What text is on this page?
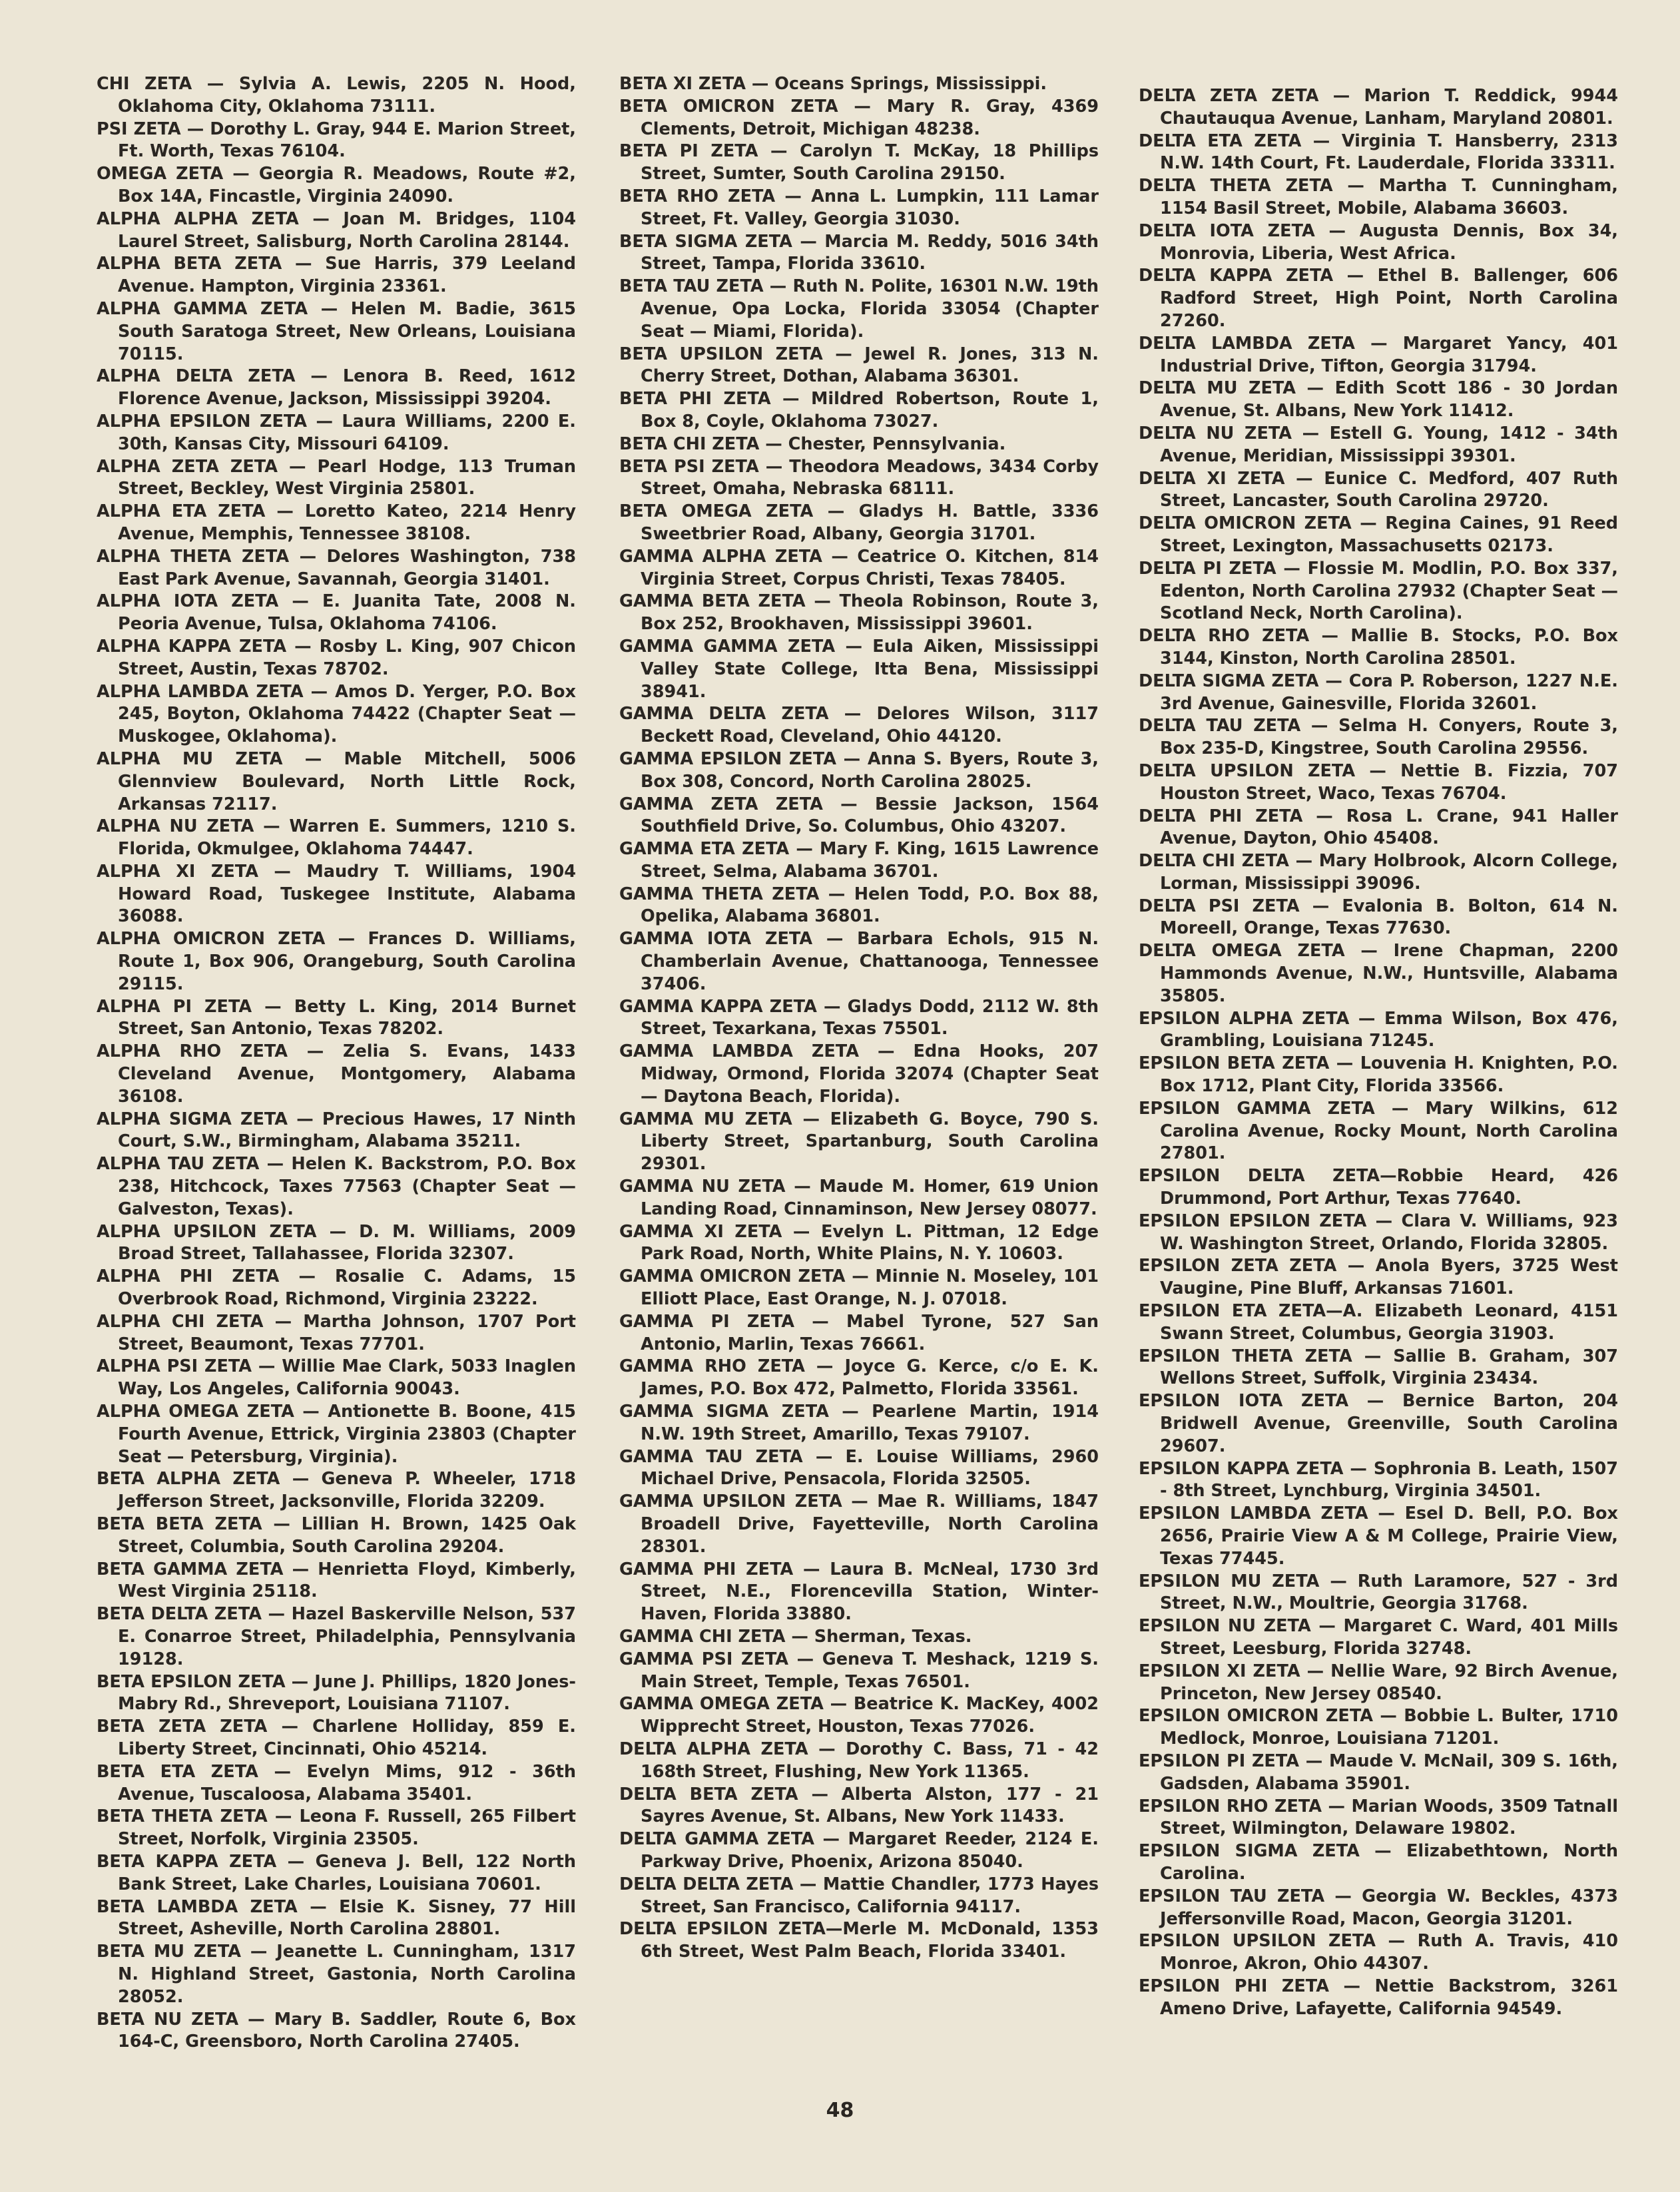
CHI ZETA — Sylvia A. Lewis, 2205 N. Hood, Oklahoma City, Oklahoma 73111.

PSI ZETA — Dorothy L. Gray, 944 E. Marion Street, Ft. Worth, Texas 76104.

OMEGA ZETA — Georgia R. Meadows, Route #2, Box 14A, Fincastle, Virginia 24090.

ALPHA ALPHA ZETA — Joan M. Bridges, 1104 Laurel Street, Salisburg, North Carolina 28144.

ALPHA BETA ZETA — Sue Harris, 379 Leeland Avenue. Hampton, Virginia 23361.

ALPHA GAMMA ZETA — Helen M. Badie, 3615 South Saratoga Street, New Orleans, Louisiana 70115.

ALPHA DELTA ZETA — Lenora B. Reed, 1612 Florence Avenue, Jackson, Mississippi 39204.

ALPHA EPSILON ZETA — Laura Williams, 2200 E. 30th, Kansas City, Missouri 64109.

ALPHA ZETA ZETA — Pearl Hodge, 113 Truman Street, Beckley, West Virginia 25801.

ALPHA ETA ZETA — Loretto Kateo, 2214 Henry Avenue, Memphis, Tennessee 38108.

ALPHA THETA ZETA — Delores Washington, 738 East Park Avenue, Savannah, Georgia 31401.

ALPHA IOTA ZETA — E. Juanita Tate, 2008 N. Peoria Avenue, Tulsa, Oklahoma 74106.

ALPHA KAPPA ZETA — Rosby L. King, 907 Chicon Street, Austin, Texas 78702.

ALPHA LAMBDA ZETA — Amos D. Yerger, P.O. Box 245, Boyton, Oklahoma 74422 (Chapter Seat — Muskogee, Oklahoma).

ALPHA MU ZETA — Mable Mitchell, 5006 Glennview Boulevard, North Little Rock, Arkansas 72117.

ALPHA NU ZETA — Warren E. Summers, 1210 S. Florida, Okmulgee, Oklahoma 74447.

ALPHA XI ZETA — Maudry T. Williams, 1904 Howard Road, Tuskegee Institute, Alabama 36088.

ALPHA OMICRON ZETA — Frances D. Williams, Route 1, Box 906, Orangeburg, South Carolina 29115.

ALPHA PI ZETA — Betty L. King, 2014 Burnet Street, San Antonio, Texas 78202.

ALPHA RHO ZETA — Zelia S. Evans, 1433 Cleveland Avenue, Montgomery, Alabama 36108.

ALPHA SIGMA ZETA — Precious Hawes, 17 Ninth Court, S.W., Birmingham, Alabama 35211.

ALPHA TAU ZETA — Helen K. Backstrom, P.O. Box 238, Hitchcock, Taxes 77563 (Chapter Seat — Galveston, Texas).

ALPHA UPSILON ZETA — D. M. Williams, 2009 Broad Street, Tallahassee, Florida 32307.

ALPHA PHI ZETA — Rosalie C. Adams, 15 Overbrook Road, Richmond, Virginia 23222.

ALPHA CHI ZETA — Martha Johnson, 1707 Port Street, Beaumont, Texas 77701.

ALPHA PSI ZETA — Willie Mae Clark, 5033 Inaglen Way, Los Angeles, California 90043.

ALPHA OMEGA ZETA — Antionette B. Boone, 415 Fourth Avenue, Ettrick, Virginia 23803 (Chapter Seat — Petersburg, Virginia).

BETA ALPHA ZETA — Geneva P. Wheeler, 1718 Jefferson Street, Jacksonville, Florida 32209.

BETA BETA ZETA — Lillian H. Brown, 1425 Oak Street, Columbia, South Carolina 29204.

BETA GAMMA ZETA — Henrietta Floyd, Kimberly, West Virginia 25118.

BETA DELTA ZETA — Hazel Baskerville Nelson, 537 E. Conarroe Street, Philadelphia, Pennsylvania 19128.

BETA EPSILON ZETA — June J. Phillips, 1820 Jones-Mabry Rd., Shreveport, Louisiana 71107.

BETA ZETA ZETA — Charlene Holliday, 859 E. Liberty Street, Cincinnati, Ohio 45214.

BETA ETA ZETA — Evelyn Mims, 912 - 36th Avenue, Tuscaloosa, Alabama 35401.

BETA THETA ZETA — Leona F. Russell, 265 Filbert Street, Norfolk, Virginia 23505.

BETA KAPPA ZETA — Geneva J. Bell, 122 North Bank Street, Lake Charles, Louisiana 70601.

BETA LAMBDA ZETA — Elsie K. Sisney, 77 Hill Street, Asheville, North Carolina 28801.

BETA MU ZETA — Jeanette L. Cunningham, 1317 N. Highland Street, Gastonia, North Carolina 28052.

BETA NU ZETA — Mary B. Saddler, Route 6, Box 164-C, Greensboro, North Carolina 27405.

BETA XI ZETA — Oceans Springs, Mississippi.

BETA OMICRON ZETA — Mary R. Gray, 4369 Clements, Detroit, Michigan 48238.

BETA PI ZETA — Carolyn T. McKay, 18 Phillips Street, Sumter, South Carolina 29150.

BETA RHO ZETA — Anna L. Lumpkin, 111 Lamar Street, Ft. Valley, Georgia 31030.

BETA SIGMA ZETA — Marcia M. Reddy, 5016 34th Street, Tampa, Florida 33610.

BETA TAU ZETA — Ruth N. Polite, 16301 N.W. 19th Avenue, Opa Locka, Florida 33054 (Chapter Seat — Miami, Florida).

BETA UPSILON ZETA — Jewel R. Jones, 313 N. Cherry Street, Dothan, Alabama 36301.

BETA PHI ZETA — Mildred Robertson, Route 1, Box 8, Coyle, Oklahoma 73027.

BETA CHI ZETA — Chester, Pennsylvania.

BETA PSI ZETA — Theodora Meadows, 3434 Corby Street, Omaha, Nebraska 68111.

BETA OMEGA ZETA — Gladys H. Battle, 3336 Sweetbrier Road, Albany, Georgia 31701.

GAMMA ALPHA ZETA — Ceatrice O. Kitchen, 814 Virginia Street, Corpus Christi, Texas 78405.

GAMMA BETA ZETA — Theola Robinson, Route 3, Box 252, Brookhaven, Mississippi 39601.

GAMMA GAMMA ZETA — Eula Aiken, Mississippi Valley State College, Itta Bena, Mississippi 38941.

GAMMA DELTA ZETA — Delores Wilson, 3117 Beckett Road, Cleveland, Ohio 44120.

GAMMA EPSILON ZETA — Anna S. Byers, Route 3, Box 308, Concord, North Carolina 28025.

GAMMA ZETA ZETA — Bessie Jackson, 1564 Southfield Drive, So. Columbus, Ohio 43207.

GAMMA ETA ZETA — Mary F. King, 1615 Lawrence Street, Selma, Alabama 36701.

GAMMA THETA ZETA — Helen Todd, P.O. Box 88, Opelika, Alabama 36801.

GAMMA IOTA ZETA — Barbara Echols, 915 N. Chamberlain Avenue, Chattanooga, Tennessee 37406.

GAMMA KAPPA ZETA — Gladys Dodd, 2112 W. 8th Street, Texarkana, Texas 75501.

GAMMA LAMBDA ZETA — Edna Hooks, 207 Midway, Ormond, Florida 32074 (Chapter Seat — Daytona Beach, Florida).

GAMMA MU ZETA — Elizabeth G. Boyce, 790 S. Liberty Street, Spartanburg, South Carolina 29301.

GAMMA NU ZETA — Maude M. Homer, 619 Union Landing Road, Cinnaminson, New Jersey 08077.

GAMMA XI ZETA — Evelyn L. Pittman, 12 Edge Park Road, North, White Plains, N. Y. 10603.

GAMMA OMICRON ZETA — Minnie N. Moseley, 101 Elliott Place, East Orange, N. J. 07018.

GAMMA PI ZETA — Mabel Tyrone, 527 San Antonio, Marlin, Texas 76661.

GAMMA RHO ZETA — Joyce G. Kerce, c/o E. K. James, P.O. Box 472, Palmetto, Florida 33561.

GAMMA SIGMA ZETA — Pearlene Martin, 1914 N.W. 19th Street, Amarillo, Texas 79107.

GAMMA TAU ZETA — E. Louise Williams, 2960 Michael Drive, Pensacola, Florida 32505.

GAMMA UPSILON ZETA — Mae R. Williams, 1847 Broadell Drive, Fayetteville, North Carolina 28301.

GAMMA PHI ZETA — Laura B. McNeal, 1730 3rd Street, N.E., Florencevilla Station, Winter-Haven, Florida 33880.

GAMMA CHI ZETA — Sherman, Texas.

GAMMA PSI ZETA — Geneva T. Meshack, 1219 S. Main Street, Temple, Texas 76501.

GAMMA OMEGA ZETA — Beatrice K. MacKey, 4002 Wipprecht Street, Houston, Texas 77026.

DELTA ALPHA ZETA — Dorothy C. Bass, 71 - 42 168th Street, Flushing, New York 11365.

DELTA BETA ZETA — Alberta Alston, 177 - 21 Sayres Avenue, St. Albans, New York 11433.

DELTA GAMMA ZETA — Margaret Reeder, 2124 E. Parkway Drive, Phoenix, Arizona 85040.

DELTA DELTA ZETA — Mattie Chandler, 1773 Hayes Street, San Francisco, California 94117.

DELTA EPSILON ZETA—Merle M. McDonald, 1353 6th Street, West Palm Beach, Florida 33401.

DELTA ZETA ZETA — Marion T. Reddick, 9944 Chautauqua Avenue, Lanham, Maryland 20801.

DELTA ETA ZETA — Virginia T. Hansberry, 2313 N.W. 14th Court, Ft. Lauderdale, Florida 33311.

DELTA THETA ZETA — Martha T. Cunningham, 1154 Basil Street, Mobile, Alabama 36603.

DELTA IOTA ZETA — Augusta Dennis, Box 34, Monrovia, Liberia, West Africa.

DELTA KAPPA ZETA — Ethel B. Ballenger, 606 Radford Street, High Point, North Carolina 27260.

DELTA LAMBDA ZETA — Margaret Yancy, 401 Industrial Drive, Tifton, Georgia 31794.

DELTA MU ZETA — Edith Scott 186 - 30 Jordan Avenue, St. Albans, New York 11412.

DELTA NU ZETA — Estell G. Young, 1412 - 34th Avenue, Meridian, Mississippi 39301.

DELTA XI ZETA — Eunice C. Medford, 407 Ruth Street, Lancaster, South Carolina 29720.

DELTA OMICRON ZETA — Regina Caines, 91 Reed Street, Lexington, Massachusetts 02173.

DELTA PI ZETA — Flossie M. Modlin, P.O. Box 337, Edenton, North Carolina 27932 (Chapter Seat — Scotland Neck, North Carolina).

DELTA RHO ZETA — Mallie B. Stocks, P.O. Box 3144, Kinston, North Carolina 28501.

DELTA SIGMA ZETA — Cora P. Roberson, 1227 N.E. 3rd Avenue, Gainesville, Florida 32601.

DELTA TAU ZETA — Selma H. Conyers, Route 3, Box 235-D, Kingstree, South Carolina 29556.

DELTA UPSILON ZETA — Nettie B. Fizzia, 707 Houston Street, Waco, Texas 76704.

DELTA PHI ZETA — Rosa L. Crane, 941 Haller Avenue, Dayton, Ohio 45408.

DELTA CHI ZETA — Mary Holbrook, Alcorn College, Lorman, Mississippi 39096.

DELTA PSI ZETA — Evalonia B. Bolton, 614 N. Moreell, Orange, Texas 77630.

DELTA OMEGA ZETA — Irene Chapman, 2200 Hammonds Avenue, N.W., Huntsville, Alabama 35805.

EPSILON ALPHA ZETA — Emma Wilson, Box 476, Grambling, Louisiana 71245.

EPSILON BETA ZETA — Louvenia H. Knighten, P.O. Box 1712, Plant City, Florida 33566.

EPSILON GAMMA ZETA — Mary Wilkins, 612 Carolina Avenue, Rocky Mount, North Carolina 27801.

EPSILON DELTA ZETA—Robbie Heard, 426 Drummond, Port Arthur, Texas 77640.

EPSILON EPSILON ZETA — Clara V. Williams, 923 W. Washington Street, Orlando, Florida 32805.

EPSILON ZETA ZETA — Anola Byers, 3725 West Vaugine, Pine Bluff, Arkansas 71601.

EPSILON ETA ZETA—A. Elizabeth Leonard, 4151 Swann Street, Columbus, Georgia 31903.

EPSILON THETA ZETA — Sallie B. Graham, 307 Wellons Street, Suffolk, Virginia 23434.

EPSILON IOTA ZETA — Bernice Barton, 204 Bridwell Avenue, Greenville, South Carolina 29607.

EPSILON KAPPA ZETA — Sophronia B. Leath, 1507 - 8th Street, Lynchburg, Virginia 34501.

EPSILON LAMBDA ZETA — Esel D. Bell, P.O. Box 2656, Prairie View A & M College, Prairie View, Texas 77445.

EPSILON MU ZETA — Ruth Laramore, 527 - 3rd Street, N.W., Moultrie, Georgia 31768.

EPSILON NU ZETA — Margaret C. Ward, 401 Mills Street, Leesburg, Florida 32748.

EPSILON XI ZETA — Nellie Ware, 92 Birch Avenue, Princeton, New Jersey 08540.

EPSILON OMICRON ZETA — Bobbie L. Bulter, 1710 Medlock, Monroe, Louisiana 71201.

EPSILON PI ZETA — Maude V. McNail, 309 S. 16th, Gadsden, Alabama 35901.

EPSILON RHO ZETA — Marian Woods, 3509 Tatnall Street, Wilmington, Delaware 19802.

EPSILON SIGMA ZETA — Elizabethtown, North Carolina.

EPSILON TAU ZETA — Georgia W. Beckles, 4373 Jeffersonville Road, Macon, Georgia 31201.

EPSILON UPSILON ZETA — Ruth A. Travis, 410 Monroe, Akron, Ohio 44307.

EPSILON PHI ZETA — Nettie Backstrom, 3261 Ameno Drive, Lafayette, California 94549.

48
